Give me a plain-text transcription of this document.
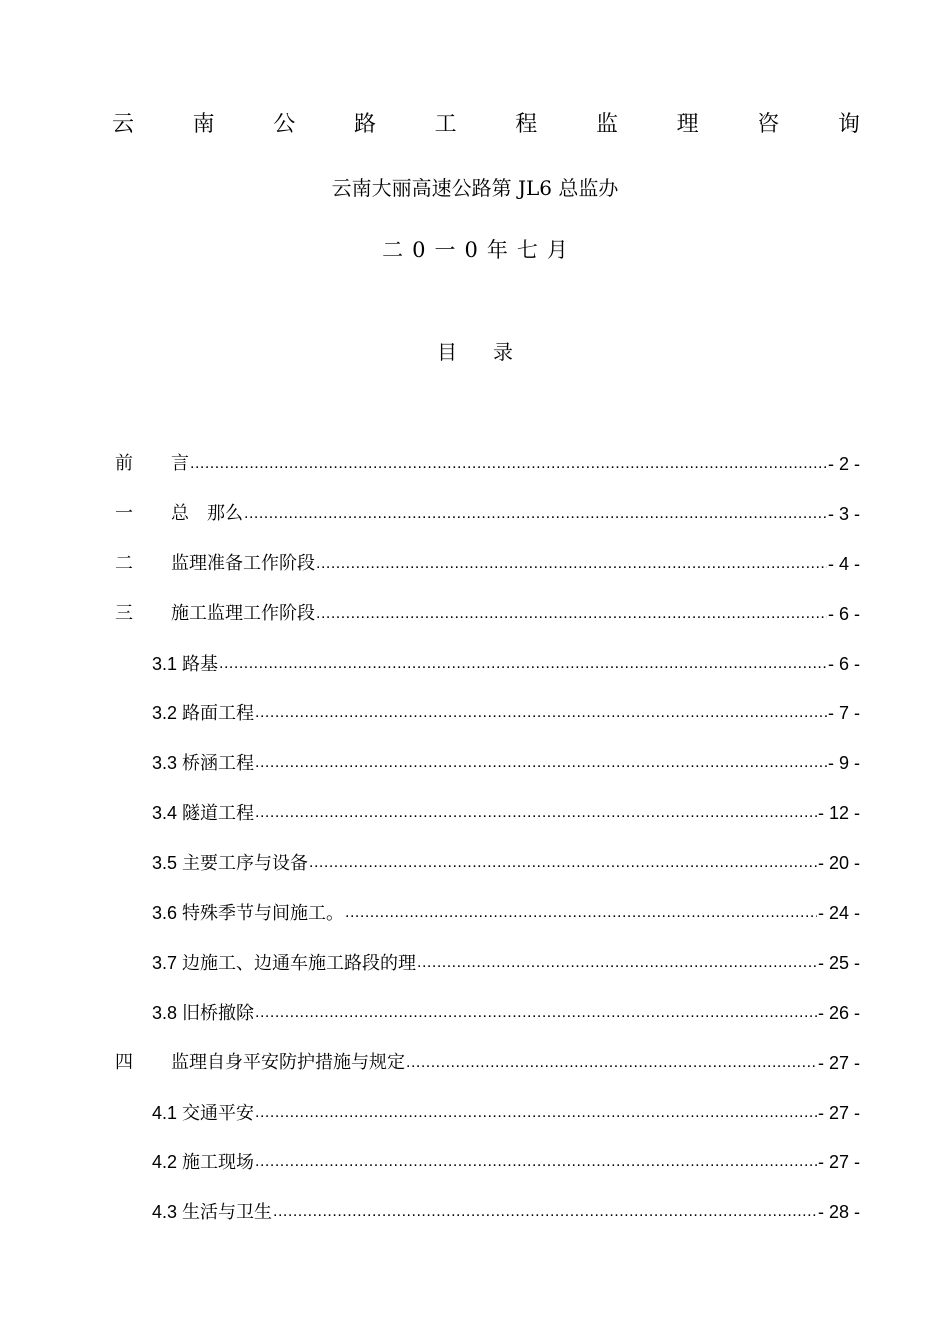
云	南	公	路	工	程	监	理	咨	询
云南大丽高速公路第 JL6 总监办
二0一0年七月
目录
前	言 .....	- 2 -
一	总　那么 .....	- 3 -
二	监理准备工作阶段 .....	- 4 -
三	施工监理工作阶段 .....	- 6 -
3.1 路基 .....	- 6 -
3.2 路面工程 .....	- 7 -
3.3 桥涵工程 .....	- 9 -
3.4 隧道工程 .....	- 12 -
3.5 主要工序与设备 .....	- 20 -
3.6 特殊季节与间施工。 .....	- 24 -
3.7 边施工、边通车施工路段的理 .....	- 25 -
3.8 旧桥撤除 .....	- 26 -
四	监理自身平安防护措施与规定 .....	- 27 -
4.1 交通平安 .....	- 27 -
4.2 施工现场 .....	- 27 -
4.3 生活与卫生 .....	- 28 -
